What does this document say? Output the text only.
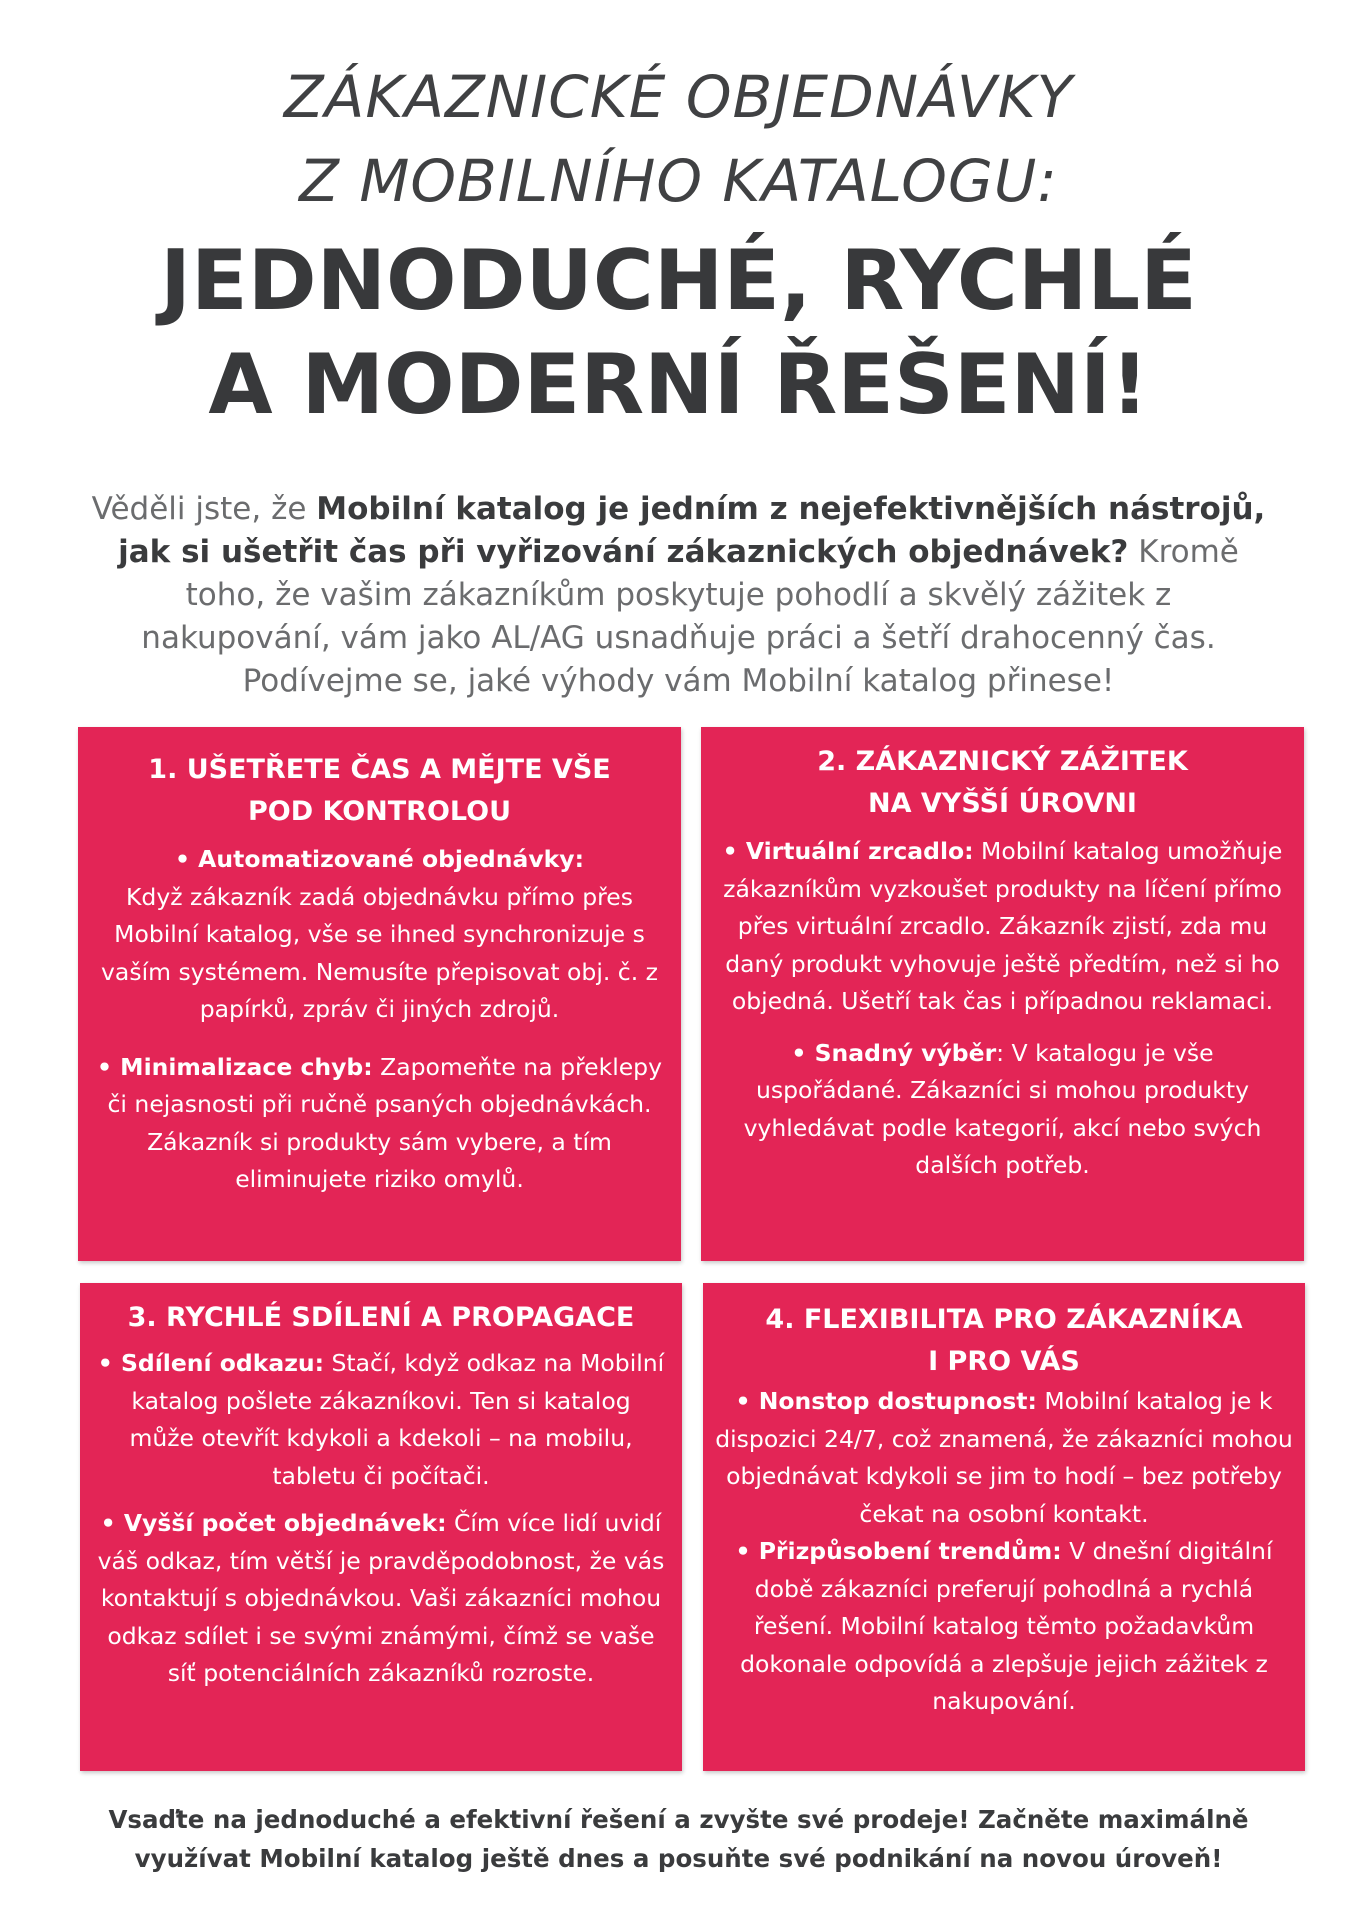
ZÁKAZNICKÉ OBJEDNÁVKY
Z MOBILNÍHO KATALOGU:
JEDNODUCHÉ, RYCHLÉ
A MODERNÍ ŘEŠENÍ!
Věděli jste, že Mobilní katalog je jedním z nejefektivnějších nástrojů, jak si ušetřit čas při vyřizování zákaznických objednávek? Kromě toho, že vašim zákazníkům poskytuje pohodlí a skvělý zážitek z nakupování, vám jako AL/AG usnadňuje práci a šetří drahocenný čas. Podívejme se, jaké výhody vám Mobilní katalog přinese!
1. UŠETŘETE ČAS A MĚJTE VŠE
POD KONTROLOU

• Automatizované objednávky:
Když zákazník zadá objednávku přímo přes Mobilní katalog, vše se ihned synchronizuje s vaším systémem. Nemusíte přepisovat obj. č. z papírků, zpráv či jiných zdrojů.

• Minimalizace chyb: Zapomeňte na překlepy či nejasnosti při ručně psaných objednávkách. Zákazník si produkty sám vybere, a tím eliminujete riziko omylů.

2. ZÁKAZNICKÝ ZÁŽITEK
NA VYŠŠÍ ÚROVNI

• Virtuální zrcadlo: Mobilní katalog umožňuje zákazníkům vyzkoušet produkty na líčení přímo přes virtuální zrcadlo. Zákazník zjistí, zda mu daný produkt vyhovuje ještě předtím, než si ho objedná. Ušetří tak čas i případnou reklamaci.

• Snadný výběr: V katalogu je vše uspořádané. Zákazníci si mohou produkty vyhledávat podle kategorií, akcí nebo svých dalších potřeb.

3. RYCHLÉ SDÍLENÍ A PROPAGACE

• Sdílení odkazu: Stačí, když odkaz na Mobilní katalog pošlete zákazníkovi. Ten si katalog může otevřít kdykoli a kdekoli – na mobilu, tabletu či počítači.

• Vyšší počet objednávek: Čím více lidí uvidí váš odkaz, tím větší je pravděpodobnost, že vás kontaktují s objednávkou. Vaši zákazníci mohou odkaz sdílet i se svými známými, čímž se vaše síť potenciálních zákazníků rozroste.

4. FLEXIBILITA PRO ZÁKAZNÍKA
I PRO VÁS

• Nonstop dostupnost: Mobilní katalog je k dispozici 24/7, což znamená, že zákazníci mohou objednávat kdykoli se jim to hodí – bez potřeby čekat na osobní kontakt.

• Přizpůsobení trendům: V dnešní digitální době zákazníci preferují pohodlná a rychlá řešení. Mobilní katalog těmto požadavkům dokonale odpovídá a zlepšuje jejich zážitek z nakupování.

Vsaďte na jednoduché a efektivní řešení a zvyšte své prodeje! Začněte maximálně
využívat Mobilní katalog ještě dnes a posuňte své podnikání na novou úroveň!
